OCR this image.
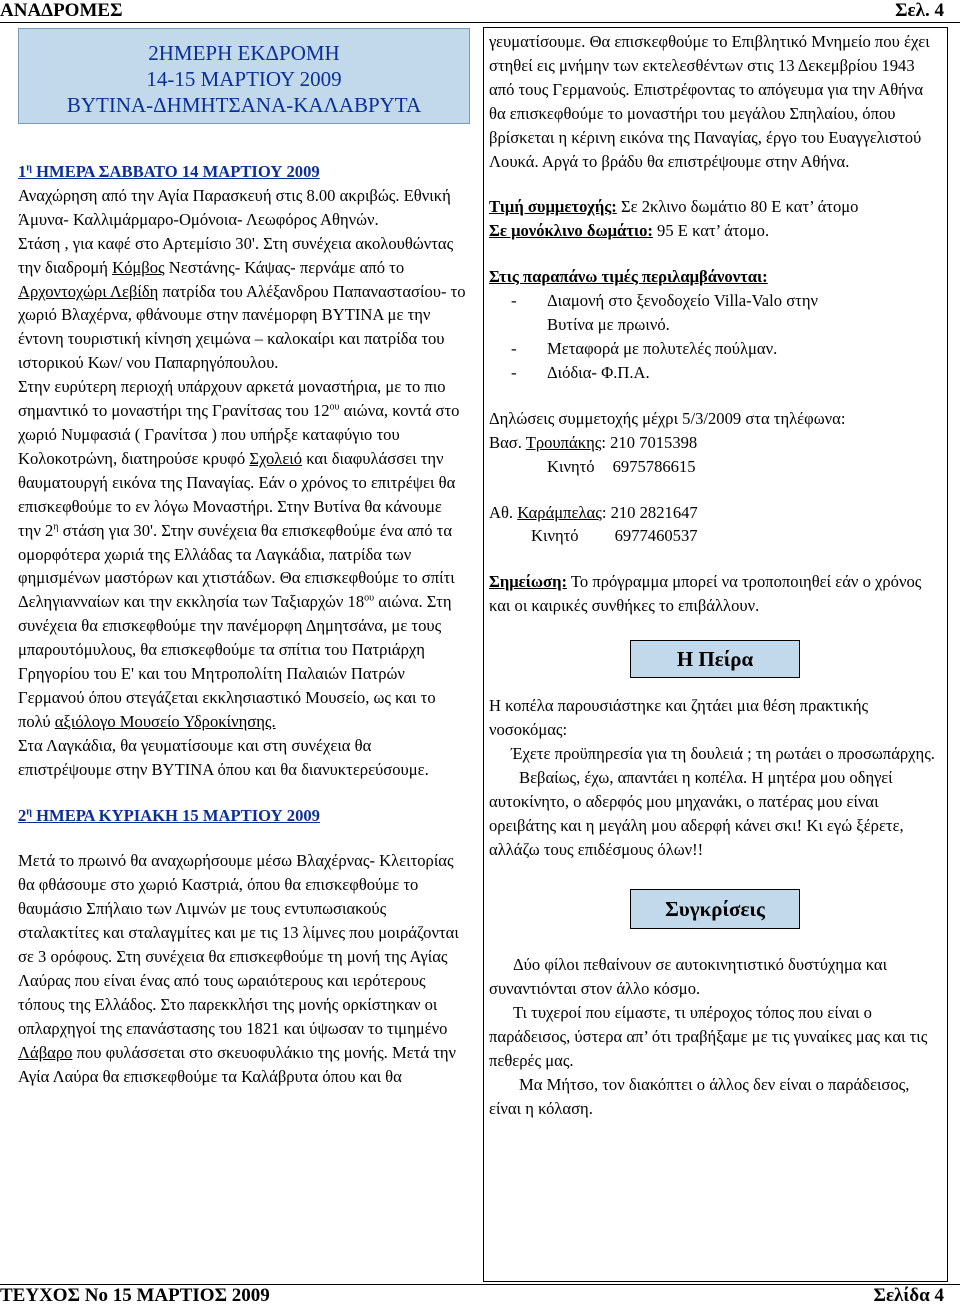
ΑΝΑΔΡΟΜΕΣ	Σελ. 4
2ΗΜΕΡΗ ΕΚΔΡΟΜΗ
14-15 ΜΑΡΤΙΟΥ 2009
ΒΥΤΙΝΑ-ΔΗΜΗΤΣΑΝΑ-ΚΑΛΑΒΡΥΤΑ

$1^\eta$ ΗΜΕΡΑ ΣΑΒΒΑΤΟ 14 ΜΑΡΤΙΟΥ 2009

Αναχώρηση από την Αγία Παρασκευή στις 8.00 ακριβώς. Εθνική Άμυνα- Καλλιμάρμαρο-Ομόνοια- Λεωφόρος Αθηνών.

Στάση , για καφέ στο Αρτεμίσιο 30'. Στη συνέχεια ακολουθώντας την διαδρομή Κόμβος Νεστάνης- Κάψας- περνάμε από το Αρχοντοχώρι Λεβίδη πατρίδα του Αλέξανδρου Παπαναστασίου- το χωριό Βλαχέρνα, φθάνουμε στην πανέμορφη ΒΥΤΙΝΑ με την έντονη τουριστική κίνηση χειμώνα – καλοκαίρι και πατρίδα του ιστορικού Κων/ νου Παπαρηγόπουλου.

Στην ευρύτερη περιοχή υπάρχουν αρκετά μοναστήρια, με το πιο σημαντικό το μοναστήρι της Γρανίτσας του $12^{o\upsilon}$ αιώνα, κοντά στο χωριό Νυμφασιά ( Γρανίτσα ) που υπήρξε καταφύγιο του Κολοκοτρώνη, διατηρούσε κρυφό Σχολειό και διαφυλάσσει την θαυματουργή εικόνα της Παναγίας. Εάν ο χρόνος το επιτρέψει θα επισκεφθούμε το εν λόγω Μοναστήρι. Στην Βυτίνα θα κάνουμε την $2^\eta$ στάση για 30'. Στην συνέχεια θα επισκεφθούμε ένα από τα ομορφότερα χωριά της Ελλάδας τα Λαγκάδια, πατρίδα των φημισμένων μαστόρων και χτιστάδων. Θα επισκεφθούμε το σπίτι Δεληγιανναίων και την εκκλησία των Ταξιαρχών $18^{o\upsilon}$ αιώνα. Στη συνέχεια θα επισκεφθούμε την πανέμορφη Δημητσάνα, με τους μπαρουτόμυλους, θα επισκεφθούμε τα σπίτια του Πατριάρχη Γρηγορίου του Ε' και του Μητροπολίτη Παλαιών Πατρών Γερμανού όπου στεγάζεται εκκλησιαστικό Μουσείο, ως και το πολύ αξιόλογο Μουσείο Υδροκίνησης.

Στα Λαγκάδια, θα γευματίσουμε και στη συνέχεια θα επιστρέψουμε στην ΒΥΤΙΝΑ όπου και θα διανυκτερεύσουμε.

$2^\eta$ ΗΜΕΡΑ ΚΥΡΙΑΚΗ 15 ΜΑΡΤΙΟΥ 2009

Μετά το πρωινό θα αναχωρήσουμε μέσω Βλαχέρνας- Κλειτορίας θα φθάσουμε στο χωριό Καστριά, όπου θα επισκεφθούμε το θαυμάσιο Σπήλαιο των Λιμνών με τους εντυπωσιακούς σταλακτίτες και σταλαγμίτες και με τις 13 λίμνες που μοιράζονται σε 3 ορόφους. Στη συνέχεια θα επισκεφθούμε τη μονή της Αγίας Λαύρας που είναι ένας από τους ωραιότερους και ιερότερους τόπους της Ελλάδος. Στο παρεκκλήσι της μονής ορκίστηκαν οι οπλαρχηγοί της επανάστασης του 1821 και ύψωσαν το τιμημένο Λάβαρο που φυλάσσεται στο σκευοφυλάκιο της μονής. Μετά την Αγία Λαύρα θα επισκεφθούμε τα Καλάβρυτα όπου και θα

γευματίσουμε. Θα επισκεφθούμε το Επιβλητικό Μνημείο που έχει στηθεί εις μνήμην των εκτελεσθέντων στις 13 Δεκεμβρίου 1943 από τους Γερμανούς. Επιστρέφοντας το απόγευμα για την Αθήνα θα επισκεφθούμε το μοναστήρι του μεγάλου Σπηλαίου, όπου βρίσκεται η κέρινη εικόνα της Παναγίας, έργο του Ευαγγελιστού Λουκά. Αργά το βράδυ θα επιστρέψουμε στην Αθήνα.

Τιμή συμμετοχής: Σε 2κλινο δωμάτιο 80 Ε κατ’ άτομο

Σε μονόκλινο δωμάτιο: 95 Ε κατ’ άτομο.

Στις παραπάνω τιμές περιλαμβάνονται:

-	Διαμονή στο ξενοδοχείο Villa-Valo στην Βυτίνα με πρωινό.

-	Μεταφορά με πολυτελές πούλμαν.

-	Διόδια- Φ.Π.Α.

Δηλώσεις συμμετοχής μέχρι 5/3/2009 στα τηλέφωνα:

Βασ. Τρουπάκης: 210 7015398

Κινητό 6975786615

Αθ. Καράμπελας: 210 2821647

Κινητό 6977460537

Σημείωση: Το πρόγραμμα μπορεί να τροποποιηθεί εάν ο χρόνος και οι καιρικές συνθήκες το επιβάλλουν.

Η Πείρα

Η κοπέλα παρουσιάστηκε και ζητάει μια θέση πρακτικής νοσοκόμας:

Έχετε προϋπηρεσία για τη δουλειά ; τη ρωτάει ο προσωπάρχης.

Βεβαίως, έχω, απαντάει η κοπέλα. Η μητέρα μου οδηγεί αυτοκίνητο, ο αδερφός μου μηχανάκι, ο πατέρας μου είναι ορειβάτης και η μεγάλη μου αδερφή κάνει σκι! Κι εγώ ξέρετε, αλλάζω τους επιδέσμους όλων!!

Συγκρίσεις

Δύο φίλοι πεθαίνουν σε αυτοκινητιστικό δυστύχημα και συναντιόνται στον άλλο κόσμο.

Τι τυχεροί που είμαστε, τι υπέροχος τόπος που είναι ο παράδεισος, ύστερα απ’ ότι τραβήξαμε με τις γυναίκες μας και τις πεθερές μας.

Μα Μήτσο, τον διακόπτει ο άλλος δεν είναι ο παράδεισος, είναι η κόλαση.

ΤΕΥΧΟΣ Νο 15 ΜΑΡΤΙΟΣ 2009	Σελίδα 4
